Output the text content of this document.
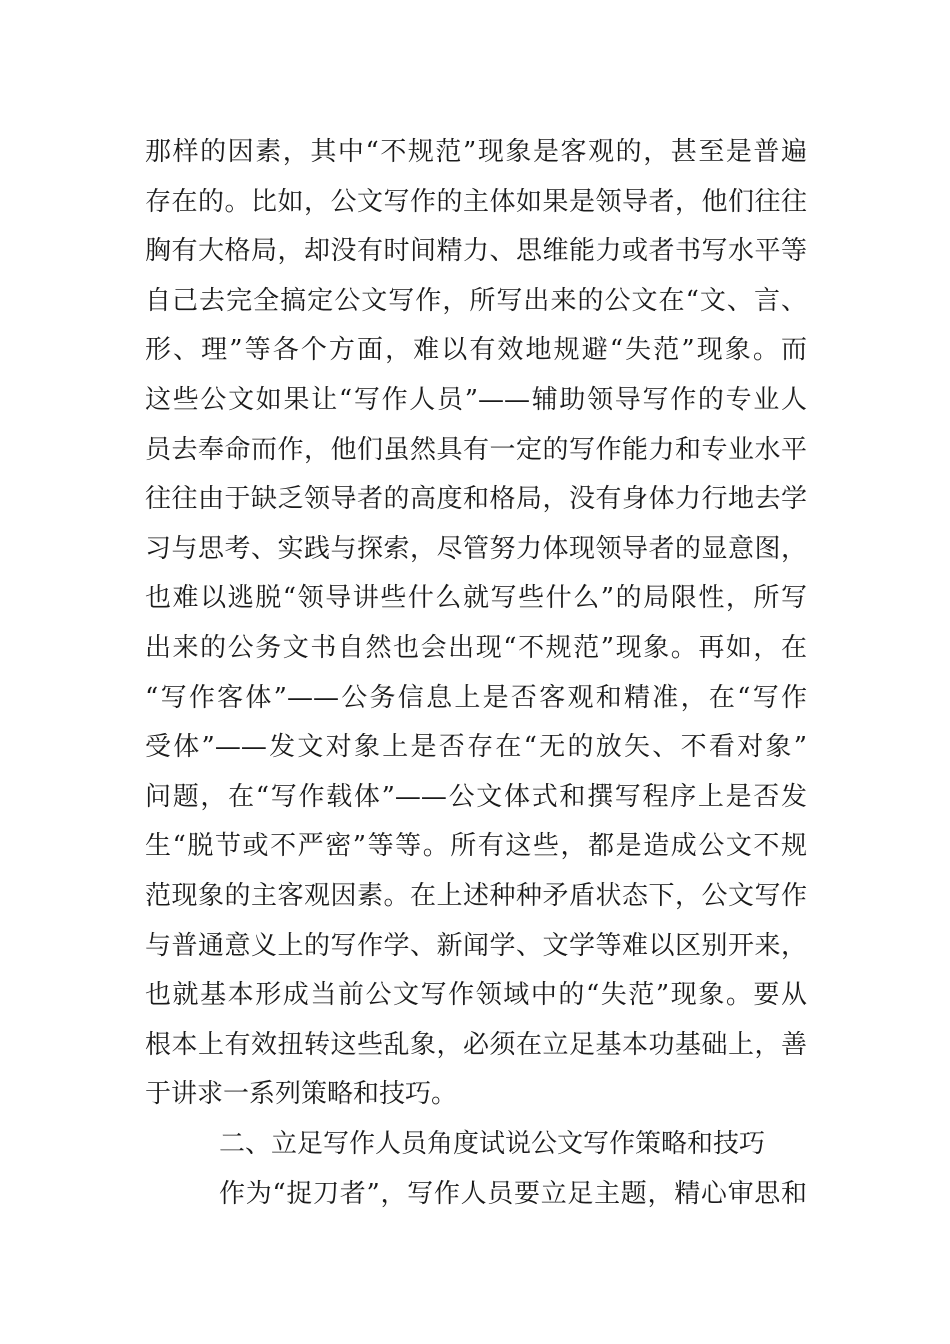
那样的因素，其中“不规范”现象是客观的，甚至是普遍
存在的。比如，公文写作的主体如果是领导者，他们往往
胸有大格局，却没有时间精力、思维能力或者书写水平等
自己去完全搞定公文写作，所写出来的公文在“文、言、
形、理”等各个方面，难以有效地规避“失范”现象。而
这些公文如果让“写作人员”——辅助领导写作的专业人
员去奉命而作，他们虽然具有一定的写作能力和专业水平
往往由于缺乏领导者的高度和格局，没有身体力行地去学
习与思考、实践与探索，尽管努力体现领导者的显意图，
也难以逃脱“领导讲些什么就写些什么”的局限性，所写
出来的公务文书自然也会出现“不规范”现象。再如，在
“写作客体”——公务信息上是否客观和精准，在“写作
受体”——发文对象上是否存在“无的放矢、不看对象”
问题，在“写作载体”——公文体式和撰写程序上是否发
生“脱节或不严密”等等。所有这些，都是造成公文不规
范现象的主客观因素。在上述种种矛盾状态下，公文写作
与普通意义上的写作学、新闻学、文学等难以区别开来，
也就基本形成当前公文写作领域中的“失范”现象。要从
根本上有效扭转这些乱象，必须在立足基本功基础上，善
于讲求一系列策略和技巧。
二、立足写作人员角度试说公文写作策略和技巧
作为“捉刀者”，写作人员要立足主题，精心审思和
